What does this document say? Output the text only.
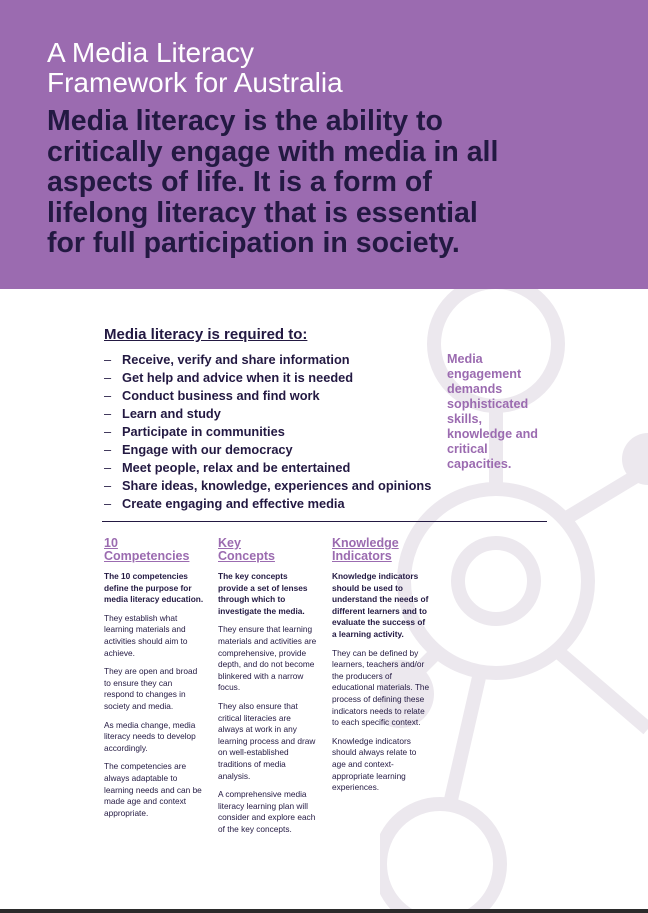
A Media Literacy
Framework for Australia
Media literacy is the ability to critically engage with media in all aspects of life. It is a form of lifelong literacy that is essential for full participation in society.
Media literacy is required to:
– Receive, verify and share information
– Get help and advice when it is needed
– Conduct business and find work
– Learn and study
– Participate in communities
– Engage with our democracy
– Meet people, relax and be entertained
– Share ideas, knowledge, experiences and opinions
– Create engaging and effective media
Media engagement demands sophisticated skills, knowledge and critical capacities.
10
Competencies

The 10 competencies define the purpose for media literacy education.

They establish what learning materials and activities should aim to achieve.

They are open and broad to ensure they can respond to changes in society and media.

As media change, media literacy needs to develop accordingly.

The competencies are always adaptable to learning needs and can be made age and context appropriate.

Key
Concepts

The key concepts provide a set of lenses through which to investigate the media.

They ensure that learning materials and activities are comprehensive, provide depth, and do not become blinkered with a narrow focus.

They also ensure that critical literacies are always at work in any learning process and draw on well-established traditions of media analysis.

A comprehensive media literacy learning plan will consider and explore each of the key concepts.

Knowledge
Indicators

Knowledge indicators should be used to understand the needs of different learners and to evaluate the success of a learning activity.

They can be defined by learners, teachers and/or the producers of educational materials. The process of defining these indicators needs to relate to each specific context.

Knowledge indicators should always relate to age and context-appropriate learning experiences.
